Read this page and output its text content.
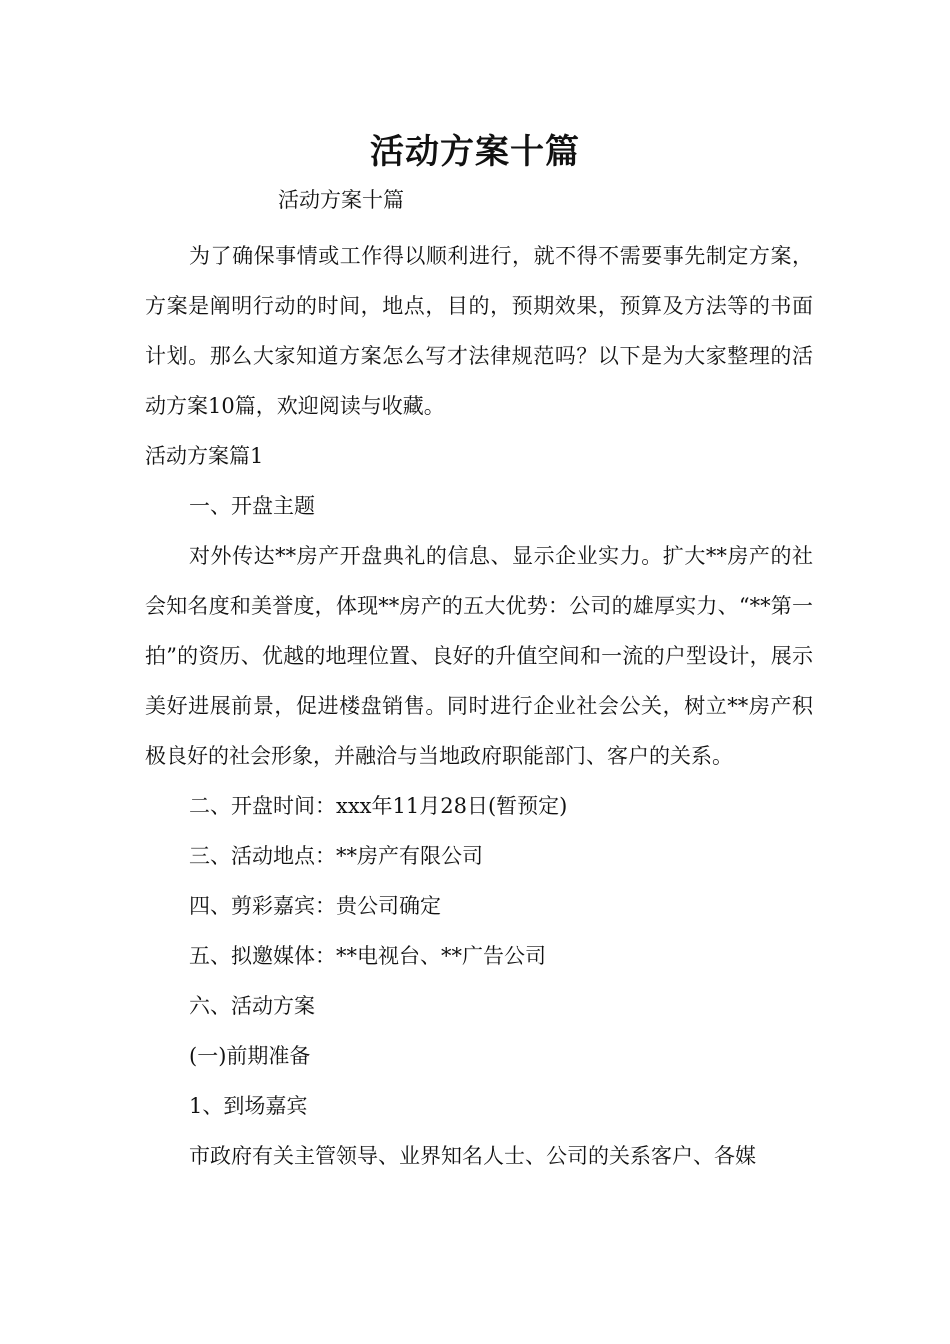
活动方案十篇
活动方案十篇

为了确保事情或工作得以顺利进行，就不得不需要事先制定方案，方案是阐明行动的时间，地点，目的，预期效果，预算及方法等的书面计划。那么大家知道方案怎么写才法律规范吗？以下是为大家整理的活动方案10篇，欢迎阅读与收藏。

活动方案篇1

一、开盘主题

对外传达**房产开盘典礼的信息、显示企业实力。扩大**房产的社会知名度和美誉度，体现**房产的五大优势：公司的雄厚实力、“**第一拍”的资历、优越的地理位置、良好的升值空间和一流的户型设计，展示美好进展前景，促进楼盘销售。同时进行企业社会公关，树立**房产积极良好的社会形象，并融洽与当地政府职能部门、客户的关系。

二、开盘时间：xxx年11月28日(暂预定)

三、活动地点：**房产有限公司

四、剪彩嘉宾：贵公司确定

五、拟邀媒体：**电视台、**广告公司

六、活动方案

(一)前期准备

1、到场嘉宾

市政府有关主管领导、业界知名人士、公司的关系客户、各媒
